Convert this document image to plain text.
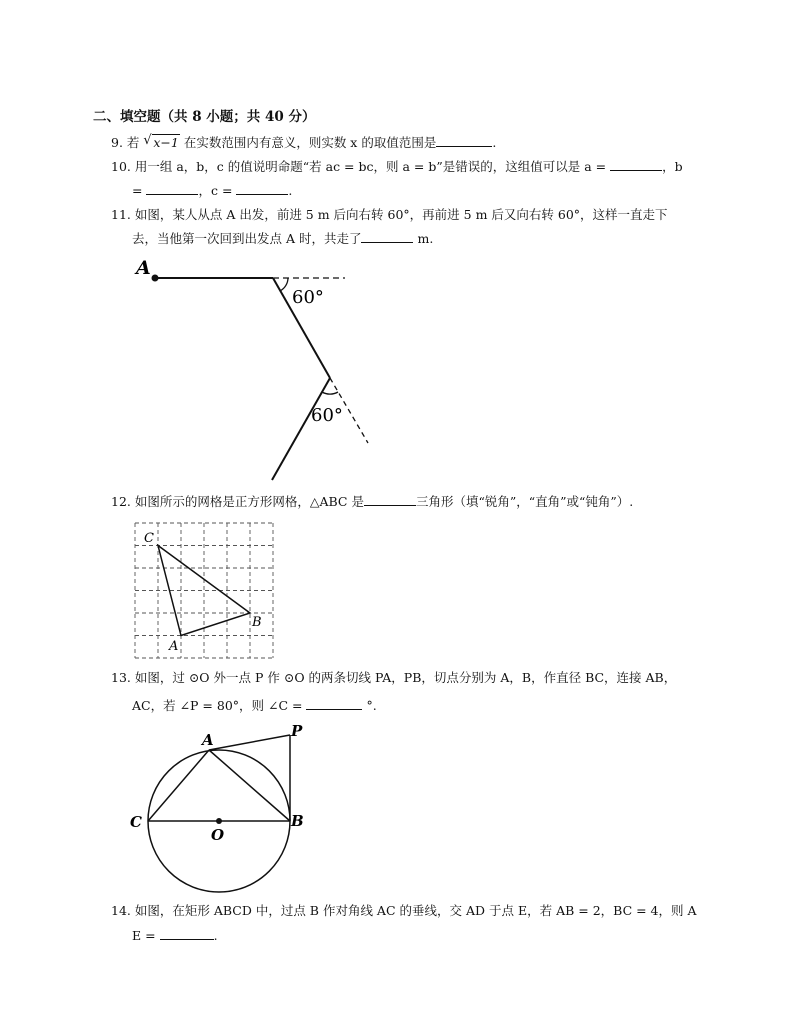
二、填空题（共 8 小题；共 40 分）
9. 若 √ x−1 在实数范围内有意义，则实数 x 的取值范围是	.
10. 用一组 a，b，c 的值说明命题“若 ac = bc，则 a = b”是错误的，这组值可以是 a =	，b
=	，c =	.
11. 如图，某人从点 A 出发，前进 5 m 后向右转 60°，再前进 5 m 后又向右转 60°，这样一直走下
去，当他第一次回到出发点 A 时，共走了	m.
A
60°
60°
12. 如图所示的网格是正方形网格，△ABC 是	三角形（填“锐角”，“直角”或“钝角”）.
C
B
A
13. 如图，过 ⊙O 外一点 P 作 ⊙O 的两条切线 PA，PB，切点分别为 A，B，作直径 BC，连接 AB，
AC，若 ∠P = 80°，则 ∠C =	°.
A	P
C	B
O
14. 如图，在矩形 ABCD 中，过点 B 作对角线 AC 的垂线，交 AD 于点 E，若 AB = 2，BC = 4，则 A
E =	.
